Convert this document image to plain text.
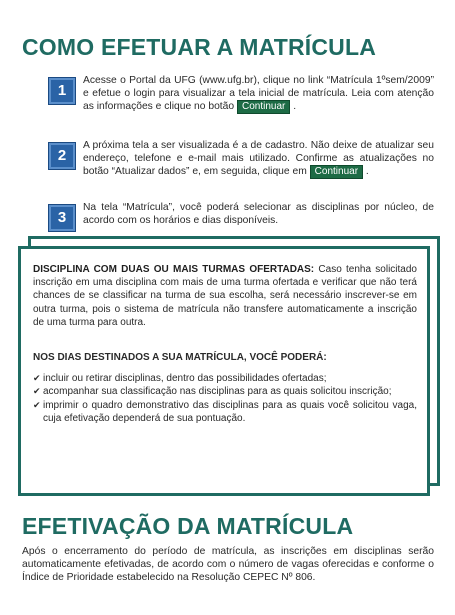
COMO EFETUAR A MATRÍCULA
1

Acesse o Portal da UFG (www.ufg.br), clique no link “Matrícula 1ºsem/2009” e efetue o login para visualizar a tela inicial de matrícula. Leia com atenção as informações e clique no botão Continuar .

2

A próxima tela a ser visualizada é a de cadastro. Não deixe de atualizar seu endereço, telefone e e-mail mais utilizado. Confirme as atualizações no botão “Atualizar dados” e, em seguida, clique em Continuar .

3

Na tela “Matrícula”, você poderá selecionar as disciplinas por núcleo, de acordo com os horários e dias disponíveis.

DISCIPLINA COM DUAS OU MAIS TURMAS OFERTADAS: Caso tenha solicitado inscrição em uma disciplina com mais de uma turma ofertada e verificar que não terá chances de se classificar na turma de sua escolha, será necessário inscrever-se em outra turma, pois o sistema de matrícula não transfere automaticamente a inscrição de uma turma para outra.

NOS DIAS DESTINADOS A SUA MATRÍCULA, VOCÊ PODERÁ:

✔ incluir ou retirar disciplinas, dentro das possibilidades ofertadas;
✔ acompanhar sua classificação nas disciplinas para as quais solicitou inscrição;
✔ imprimir o quadro demonstrativo das disciplinas para as quais você solicitou vaga, cuja efetivação dependerá de sua pontuação.
EFETIVAÇÃO DA MATRÍCULA

Após o encerramento do período de matrícula, as inscrições em disciplinas serão automaticamente efetivadas, de acordo com o número de vagas oferecidas e conforme o Índice de Prioridade estabelecido na Resolução CEPEC Nº 806.
